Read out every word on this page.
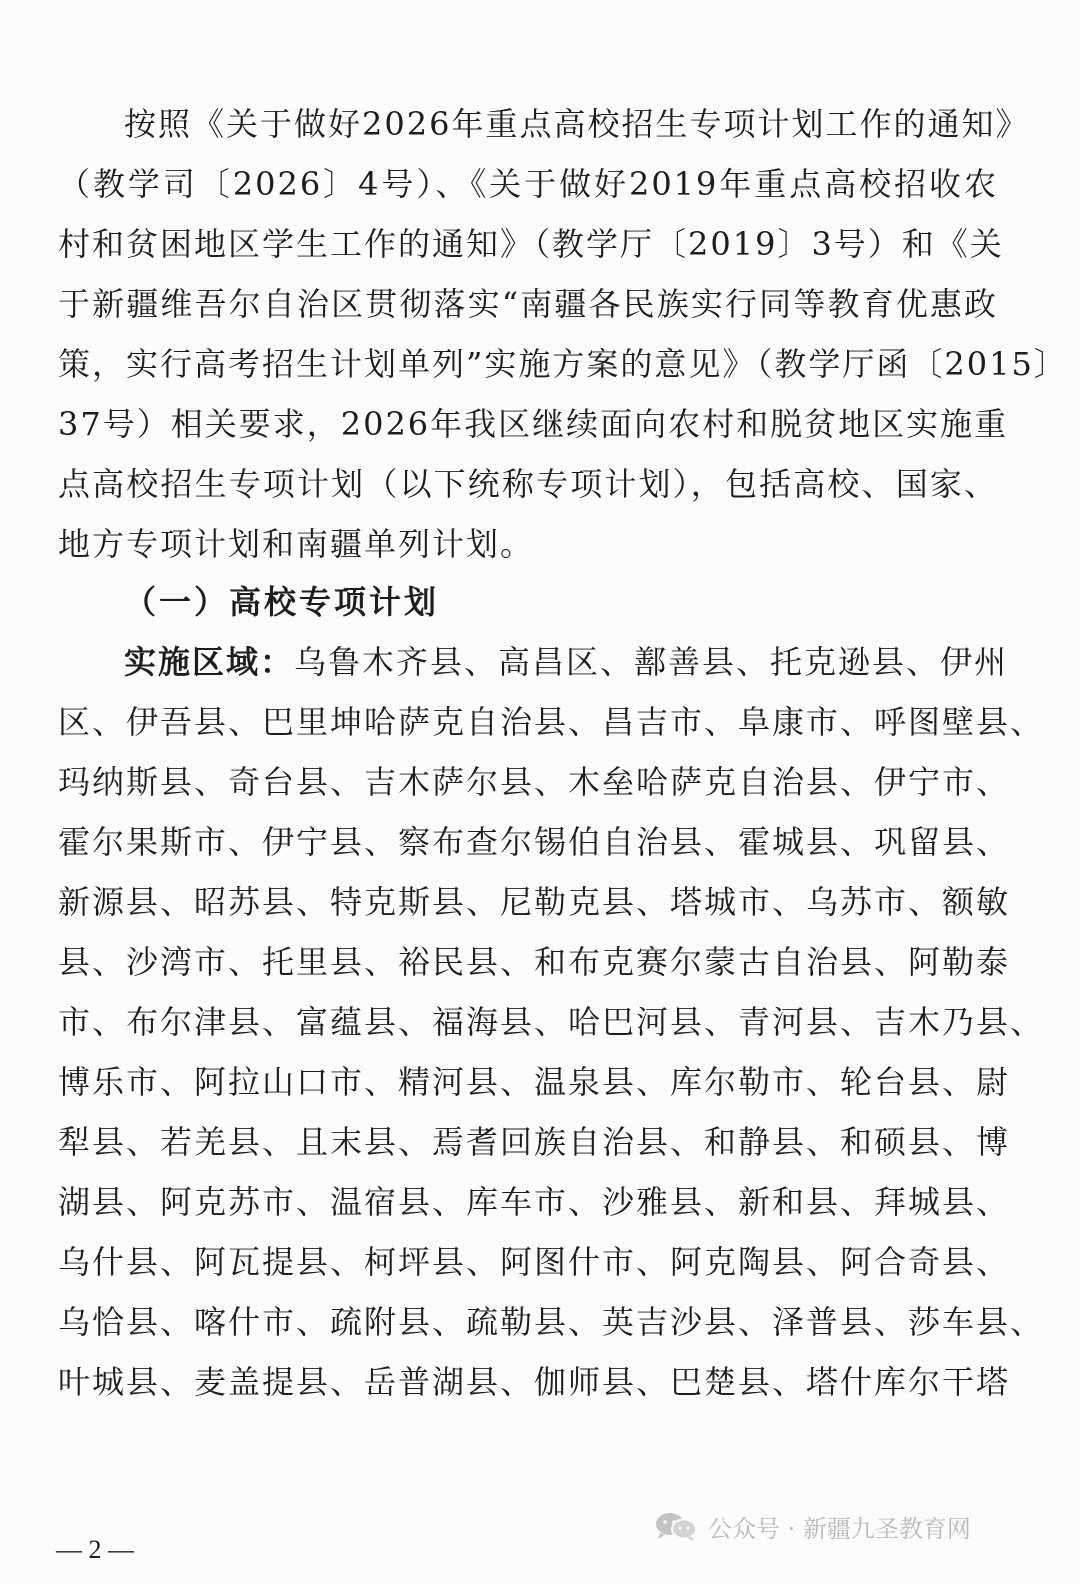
按照《关于做好2026年重点高校招生专项计划工作的通知》
（教学司〔2026〕4号）、《关于做好2019年重点高校招收农
村和贫困地区学生工作的通知》（教学厅〔2019〕3号）和《关
于新疆维吾尔自治区贯彻落实“南疆各民族实行同等教育优惠政
策，实行高考招生计划单列”实施方案的意见》（教学厅函〔2015〕
37号）相关要求，2026年我区继续面向农村和脱贫地区实施重
点高校招生专项计划（以下统称专项计划），包括高校、国家、
地方专项计划和南疆单列计划。
（一）高校专项计划
实施区域：乌鲁木齐县、高昌区、鄯善县、托克逊县、伊州
区、伊吾县、巴里坤哈萨克自治县、昌吉市、阜康市、呼图壁县、
玛纳斯县、奇台县、吉木萨尔县、木垒哈萨克自治县、伊宁市、
霍尔果斯市、伊宁县、察布查尔锡伯自治县、霍城县、巩留县、
新源县、昭苏县、特克斯县、尼勒克县、塔城市、乌苏市、额敏
县、沙湾市、托里县、裕民县、和布克赛尔蒙古自治县、阿勒泰
市、布尔津县、富蕴县、福海县、哈巴河县、青河县、吉木乃县、
博乐市、阿拉山口市、精河县、温泉县、库尔勒市、轮台县、尉
犁县、若羌县、且末县、焉耆回族自治县、和静县、和硕县、博
湖县、阿克苏市、温宿县、库车市、沙雅县、新和县、拜城县、
乌什县、阿瓦提县、柯坪县、阿图什市、阿克陶县、阿合奇县、
乌恰县、喀什市、疏附县、疏勒县、英吉沙县、泽普县、莎车县、
叶城县、麦盖提县、岳普湖县、伽师县、巴楚县、塔什库尔干塔
公众号 · 新疆九圣教育网
— 2 —
